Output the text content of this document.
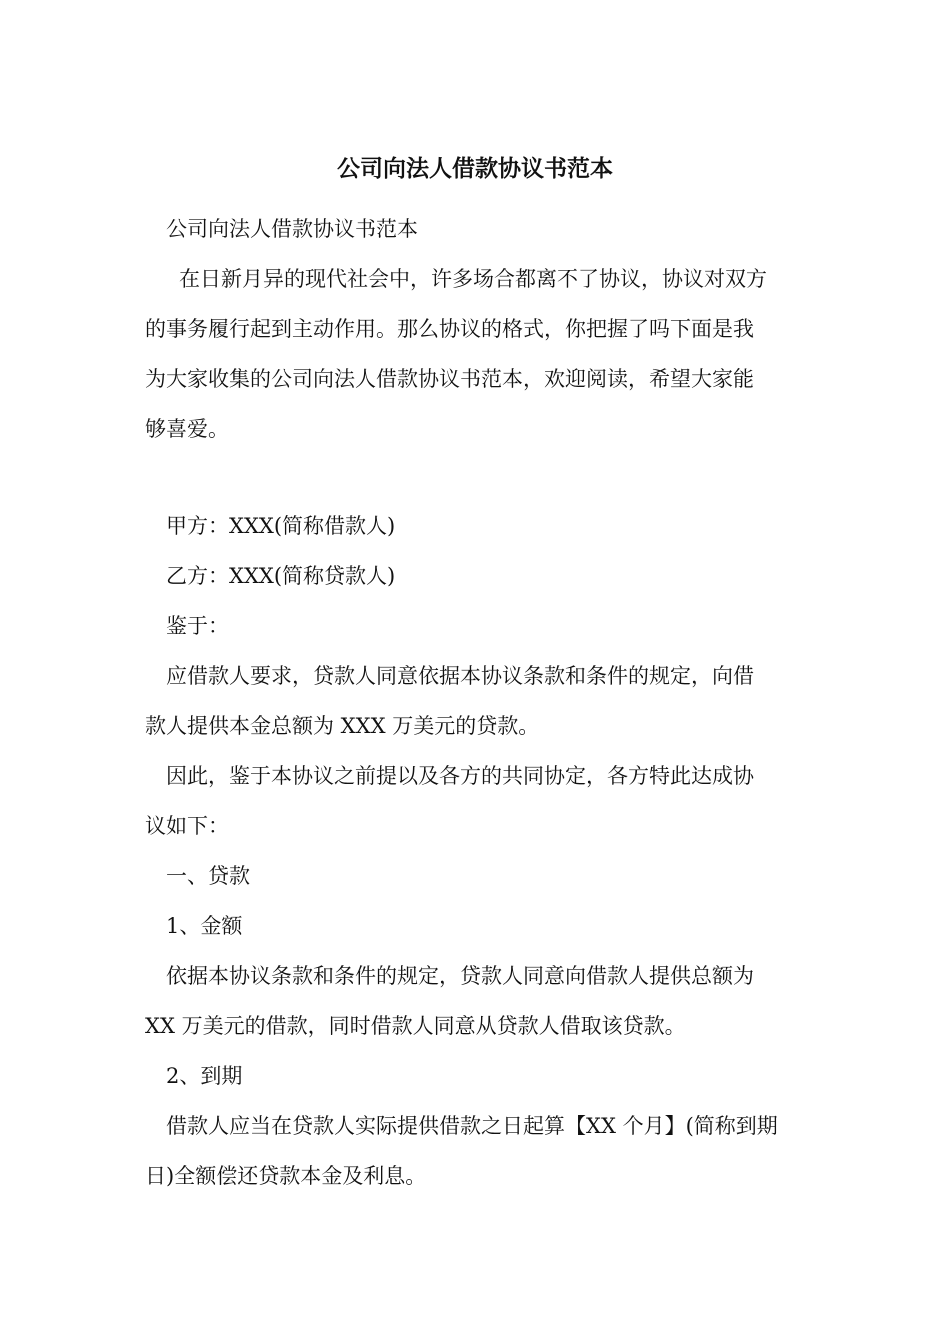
公司向法人借款协议书范本

公司向法人借款协议书范本

在日新月异的现代社会中，许多场合都离不了协议，协议对双方

的事务履行起到主动作用。那么协议的格式，你把握了吗下面是我

为大家收集的公司向法人借款协议书范本，欢迎阅读，希望大家能

够喜爱。

甲方：XXX(简称借款人)

乙方：XXX(简称贷款人)

鉴于：

应借款人要求，贷款人同意依据本协议条款和条件的规定，向借

款人提供本金总额为 XXX 万美元的贷款。

因此，鉴于本协议之前提以及各方的共同协定，各方特此达成协

议如下：

一、贷款

1、金额

依据本协议条款和条件的规定，贷款人同意向借款人提供总额为

XX 万美元的借款，同时借款人同意从贷款人借取该贷款。

2、到期

借款人应当在贷款人实际提供借款之日起算【XX 个月】(简称到期

日)全额偿还贷款本金及利息。
